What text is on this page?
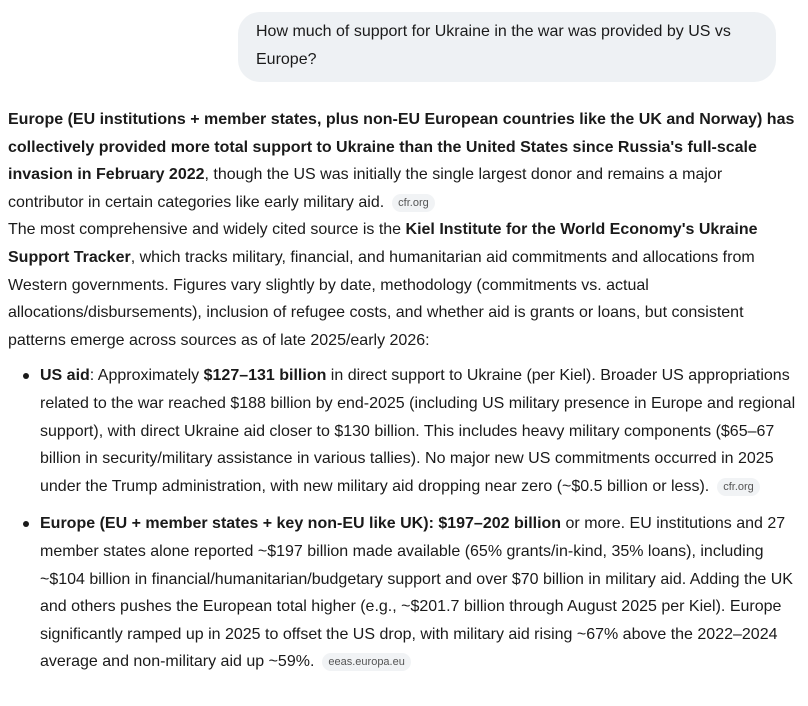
How much of support for Ukraine in the war was provided by US vs Europe?

Europe (EU institutions + member states, plus non-EU European countries like the UK and Norway) has collectively provided more total support to Ukraine than the United States since Russia's full-scale invasion in February 2022, though the US was initially the single largest donor and remains a major contributor in certain categories like early military aid. cfr.org

The most comprehensive and widely cited source is the Kiel Institute for the World Economy's Ukraine Support Tracker, which tracks military, financial, and humanitarian aid commitments and allocations from Western governments. Figures vary slightly by date, methodology (commitments vs. actual allocations/disbursements), inclusion of refugee costs, and whether aid is grants or loans, but consistent patterns emerge across sources as of late 2025/early 2026:

US aid: Approximately $127–131 billion in direct support to Ukraine (per Kiel). Broader US appropriations related to the war reached $188 billion by end-2025 (including US military presence in Europe and regional support), with direct Ukraine aid closer to $130 billion. This includes heavy military components ($65–67 billion in security/military assistance in various tallies). No major new US commitments occurred in 2025 under the Trump administration, with new military aid dropping near zero (~$0.5 billion or less). cfr.org
Europe (EU + member states + key non-EU like UK): $197–202 billion or more. EU institutions and 27 member states alone reported ~$197 billion made available (65% grants/in-kind, 35% loans), including ~$104 billion in financial/humanitarian/budgetary support and over $70 billion in military aid. Adding the UK and others pushes the European total higher (e.g., ~$201.7 billion through August 2025 per Kiel). Europe significantly ramped up in 2025 to offset the US drop, with military aid rising ~67% above the 2022–2024 average and non-military aid up ~59%. eeas.europa.eu
